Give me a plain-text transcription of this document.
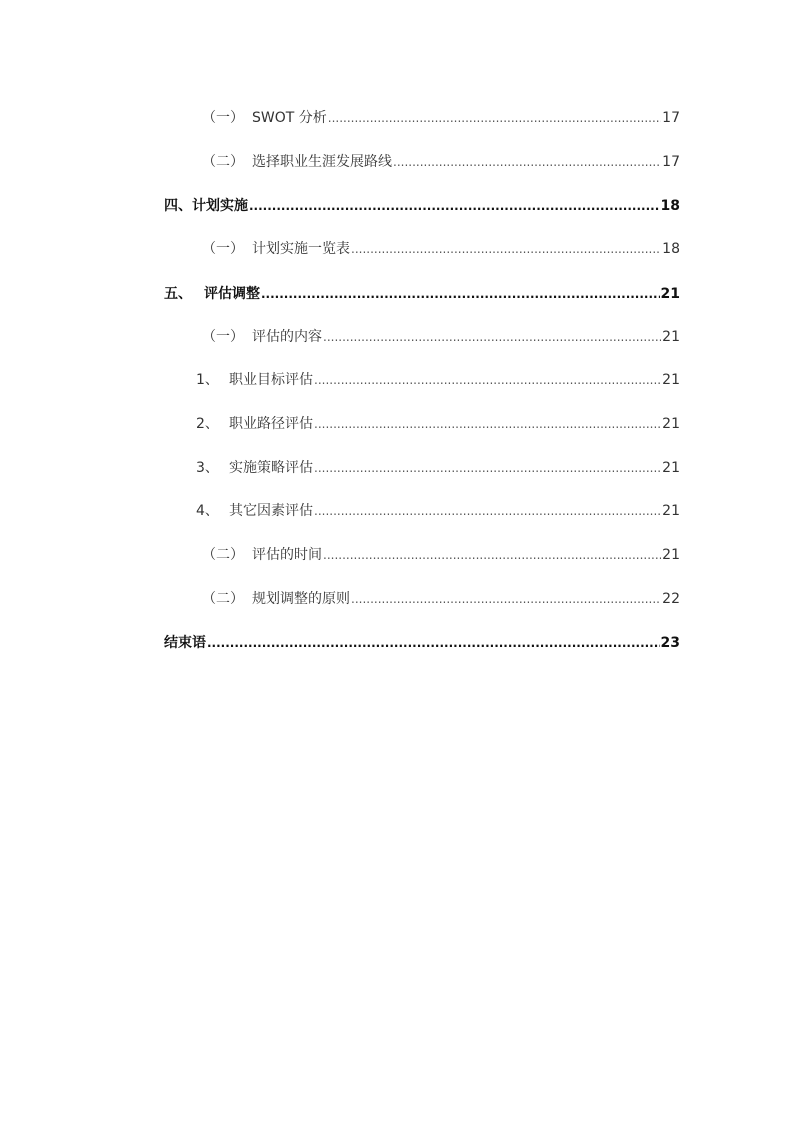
（一） SWOT 分析 .....	17
（二） 选择职业生涯发展路线 .....	17
四、计划实施 .....	18
（一） 计划实施一览表 .....	18
五、 评估调整 .....	21
（一） 评估的内容 .....	21
1、 职业目标评估 .....	21
2、 职业路径评估 .....	21
3、 实施策略评估 .....	21
4、 其它因素评估 .....	21
（二） 评估的时间 .....	21
（二） 规划调整的原则 .....	22
结束语 .....	23
